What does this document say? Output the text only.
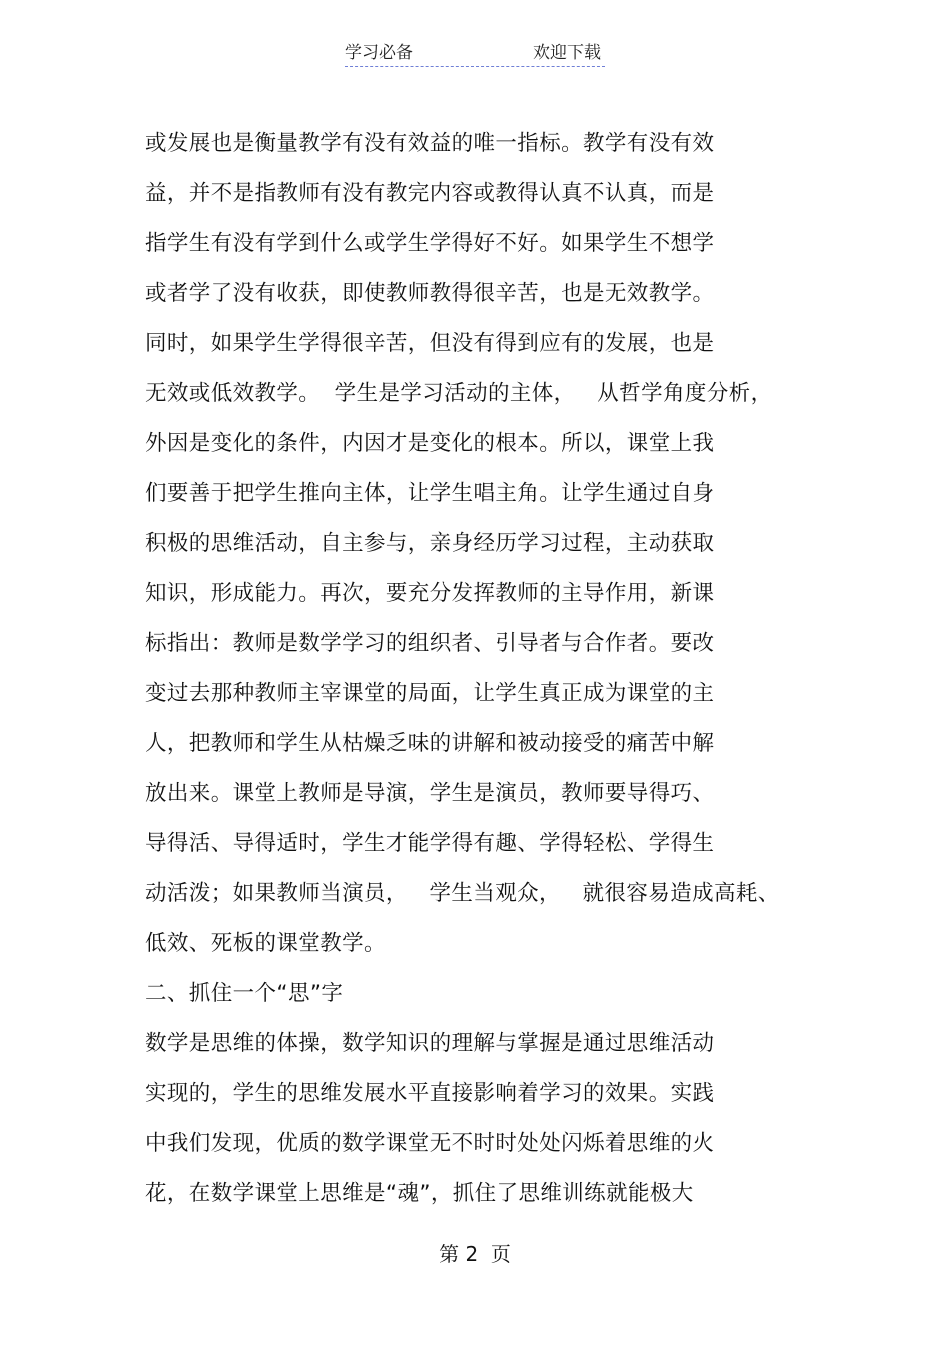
学习必备	欢迎下载
或发展也是衡量教学有没有效益的唯一指标。教学有没有效
益，并不是指教师有没有教完内容或教得认真不认真，而是
指学生有没有学到什么或学生学得好不好。如果学生不想学
或者学了没有收获，即使教师教得很辛苦，也是无效教学。
同时，如果学生学得很辛苦，但没有得到应有的发展，也是
无效或低效教学。  学生是学习活动的主体，   从哲学角度分析，
外因是变化的条件，内因才是变化的根本。所以，课堂上我
们要善于把学生推向主体，让学生唱主角。让学生通过自身
积极的思维活动，自主参与，亲身经历学习过程，主动获取
知识，形成能力。再次，要充分发挥教师的主导作用，新课
标指出：教师是数学学习的组织者、引导者与合作者。要改
变过去那种教师主宰课堂的局面，让学生真正成为课堂的主
人，把教师和学生从枯燥乏味的讲解和被动接受的痛苦中解
放出来。课堂上教师是导演，学生是演员，教师要导得巧、
导得活、导得适时，学生才能学得有趣、学得轻松、学得生
动活泼；如果教师当演员，   学生当观众，   就很容易造成高耗、
低效、死板的课堂教学。
二、抓住一个“思”字
数学是思维的体操，数学知识的理解与掌握是通过思维活动
实现的，学生的思维发展水平直接影响着学习的效果。实践
中我们发现，优质的数学课堂无不时时处处闪烁着思维的火
花，在数学课堂上思维是“魂”，抓住了思维训练就能极大
第 2  页
